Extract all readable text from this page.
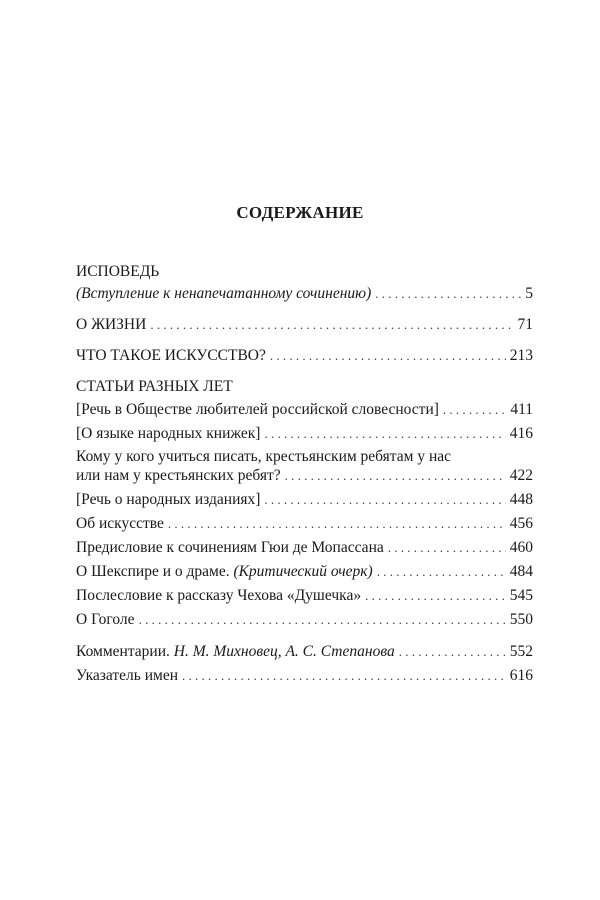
СОДЕРЖАНИЕ
ИСПОВЕДЬ
(Вступление к ненапечатанному сочинению) . . .	5
О ЖИЗНИ . . .	71
ЧТО ТАКОЕ ИСКУССТВО? . . .	213
СТАТЬИ РАЗНЫХ ЛЕТ
[Речь в Обществе любителей российской словесности] . . .	411
[О языке народных книжек] . . .	416
Кому у кого учиться писать, крестьянским ребятам у нас
или нам у крестьянских ребят? . . .	422
[Речь о народных изданиях] . . .	448
Об искусстве . . .	456
Предисловие к сочинениям Гюи де Мопассана . . .	460
О Шекспире и о драме. (Критический очерк) . . .	484
Послесловие к рассказу Чехова «Душечка» . . .	545
О Гоголе . . .	550
Комментарии. Н. М. Михновец, А. С. Степанова . . .	552
Указатель имен . . .	616
